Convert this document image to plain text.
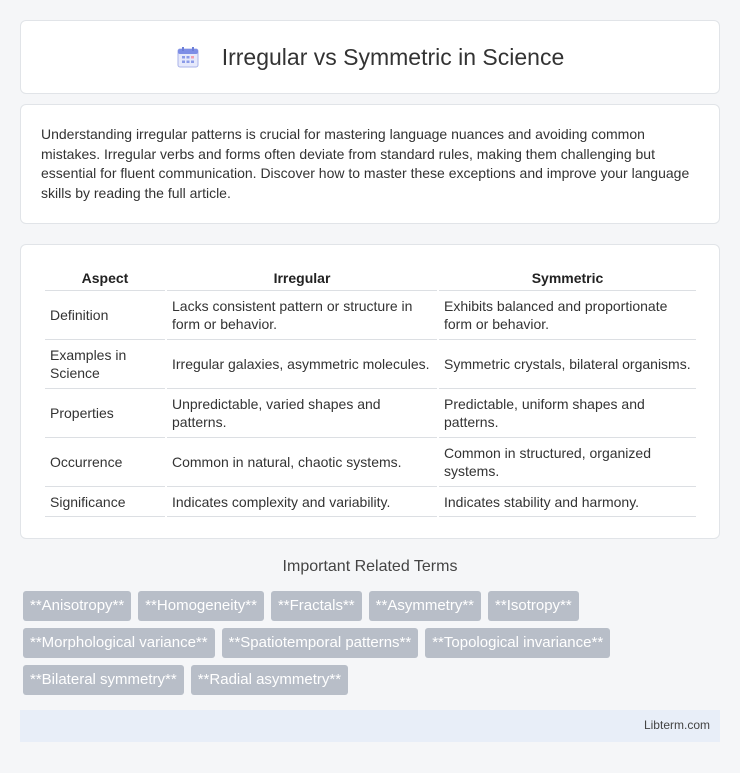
Irregular vs Symmetric in Science

Understanding irregular patterns is crucial for mastering language nuances and avoiding common mistakes. Irregular verbs and forms often deviate from standard rules, making them challenging but essential for fluent communication. Discover how to master these exceptions and improve your language skills by reading the full article.

Aspect	Irregular	Symmetric
Definition	Lacks consistent pattern or structure in form or behavior.	Exhibits balanced and proportionate form or behavior.
Examples in Science	Irregular galaxies, asymmetric molecules.	Symmetric crystals, bilateral organisms.
Properties	Unpredictable, varied shapes and patterns.	Predictable, uniform shapes and patterns.
Occurrence	Common in natural, chaotic systems.	Common in structured, organized systems.
Significance	Indicates complexity and variability.	Indicates stability and harmony.
Important Related Terms
**Anisotropy**	**Homogeneity**	**Fractals**	**Asymmetry**	**Isotropy**
**Morphological variance**	**Spatiotemporal patterns**	**Topological invariance**
**Bilateral symmetry**	**Radial asymmetry**
Libterm.com
